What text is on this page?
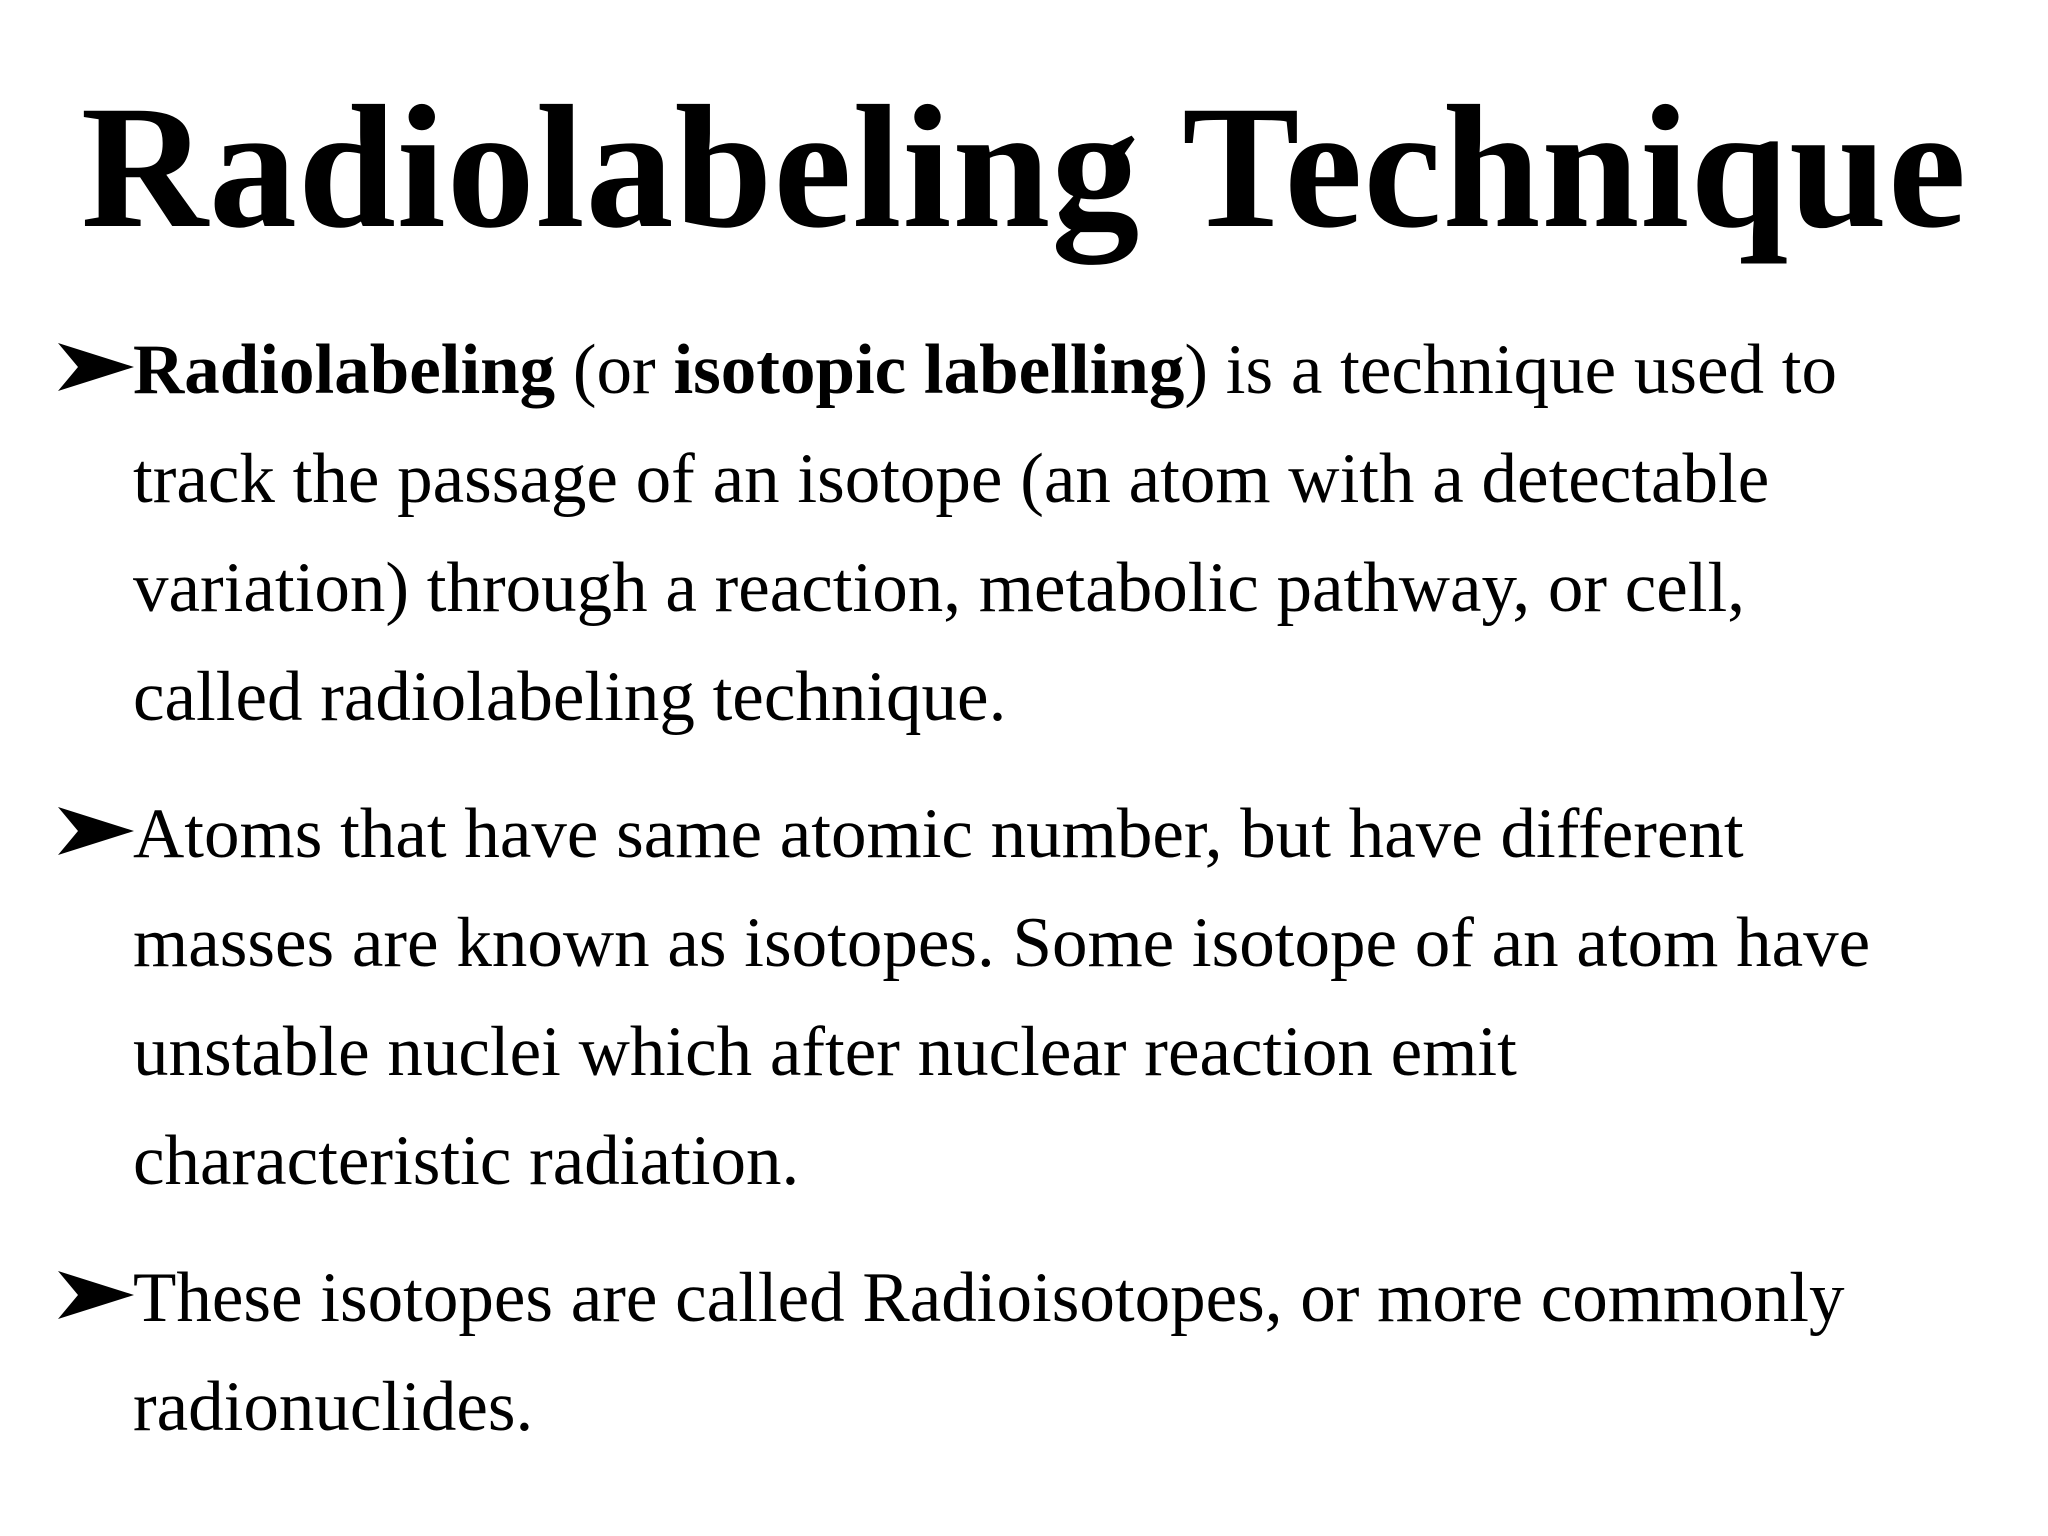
Radiolabeling Technique

Radiolabeling (or isotopic labelling) is a technique used to
track the passage of an isotope (an atom with a detectable
variation) through a reaction, metabolic pathway, or cell,
called radiolabeling technique.

Atoms that have same atomic number, but have different
masses are known as isotopes. Some isotope of an atom have
unstable nuclei which after nuclear reaction emit
characteristic radiation.

These isotopes are called Radioisotopes, or more commonly
radionuclides.
